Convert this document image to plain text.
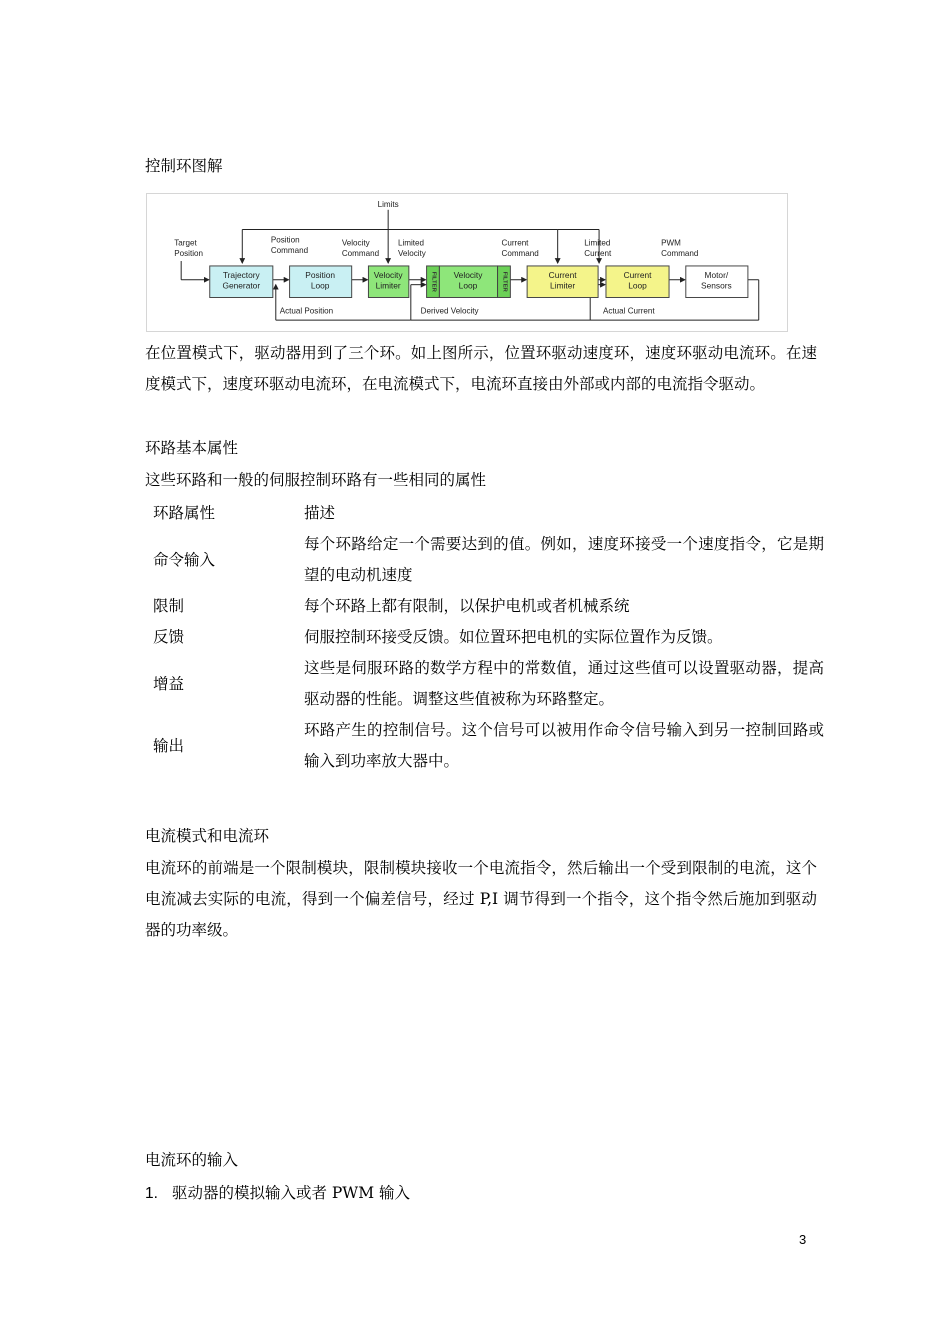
控制环图解
Trajectory
Generator
Position
Loop
Velocity
Limiter	FILTER Velocity
Loop	FILTER	Current
Limiter
Current
Loop
Motor/
Sensors
Limits
Target
Position
Position
Command
Velocity
Command
Limited
Velocity
Current
Command
Limited
Current
PWM
Command
Actual Position	Derived Velocity	Actual Current
在位置模式下，驱动器用到了三个环。如上图所示，位置环驱动速度环，速度环驱动电流环。在速度模式下，速度环驱动电流环，在电流模式下，电流环直接由外部或内部的电流指令驱动。
环路基本属性
这些环路和一般的伺服控制环路有一些相同的属性
环路属性	描述
命令输入	每个环路给定一个需要达到的值。例如，速度环接受一个速度指令，它是期望的电动机速度
限制	每个环路上都有限制，以保护电机或者机械系统
反馈	伺服控制环接受反馈。如位置环把电机的实际位置作为反馈。
增益	这些是伺服环路的数学方程中的常数值，通过这些值可以设置驱动器，提高驱动器的性能。调整这些值被称为环路整定。
输出	环路产生的控制信号。这个信号可以被用作命令信号输入到另一控制回路或输入到功率放大器中。
电流模式和电流环
电流环的前端是一个限制模块，限制模块接收一个电流指令，然后输出一个受到限制的电流，这个电流减去实际的电流，得到一个偏差信号，经过 P,I 调节得到一个指令，这个指令然后施加到驱动器的功率级。
电流环的输入
1. 驱动器的模拟输入或者 PWM 输入
3
